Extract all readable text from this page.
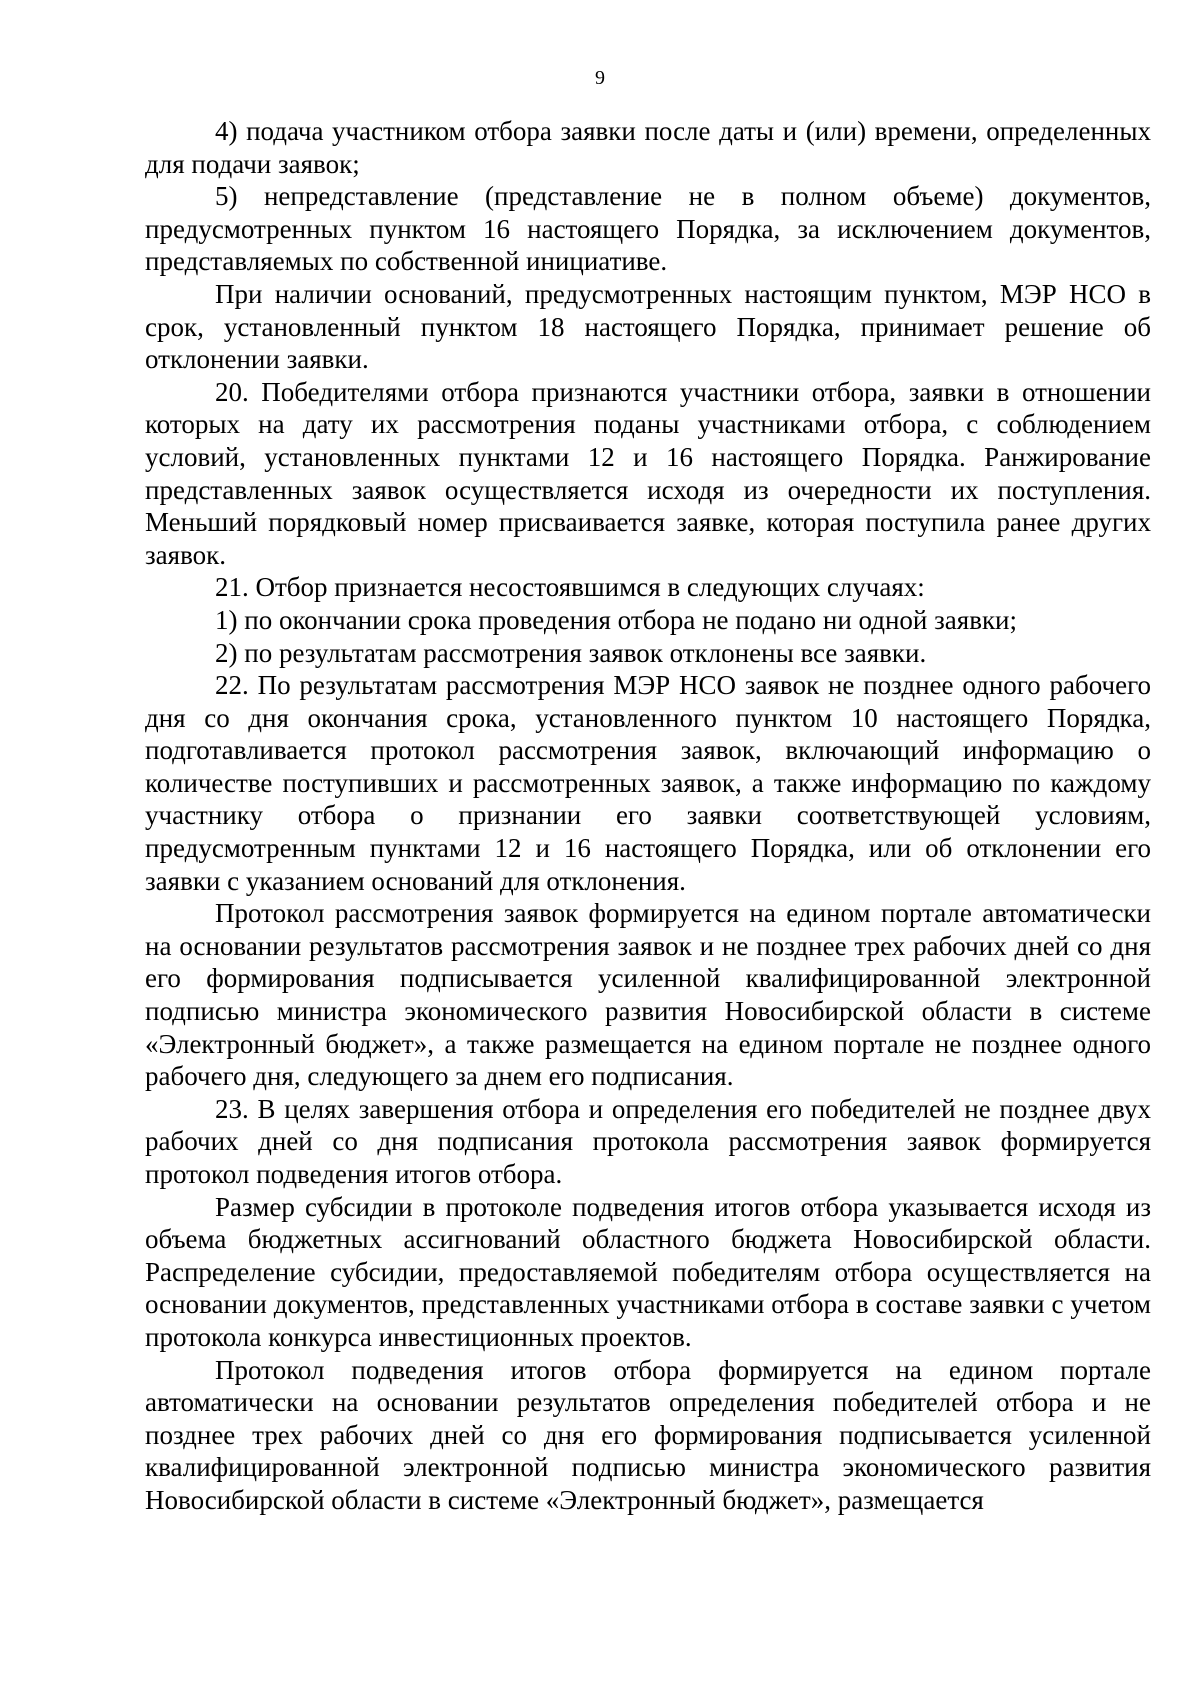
9

4) подача участником отбора заявки после даты и (или) времени, определенных для подачи заявок;

5) непредставление (представление не в полном объеме) документов, предусмотренных пунктом 16 настоящего Порядка, за исключением документов, представляемых по собственной инициативе.

При наличии оснований, предусмотренных настоящим пунктом, МЭР НСО в срок, установленный пунктом 18 настоящего Порядка, принимает решение об отклонении заявки.

20. Победителями отбора признаются участники отбора, заявки в отношении которых на дату их рассмотрения поданы участниками отбора, с соблюдением условий, установленных пунктами 12 и 16 настоящего Порядка. Ранжирование представленных заявок осуществляется исходя из очередности их поступления. Меньший порядковый номер присваивается заявке, которая поступила ранее других заявок.

21. Отбор признается несостоявшимся в следующих случаях:

1) по окончании срока проведения отбора не подано ни одной заявки;

2) по результатам рассмотрения заявок отклонены все заявки.

22. По результатам рассмотрения МЭР НСО заявок не позднее одного рабочего дня со дня окончания срока, установленного пунктом 10 настоящего Порядка, подготавливается протокол рассмотрения заявок, включающий информацию о количестве поступивших и рассмотренных заявок, а также информацию по каждому участнику отбора о признании его заявки соответствующей условиям, предусмотренным пунктами 12 и 16 настоящего Порядка, или об отклонении его заявки с указанием оснований для отклонения.

Протокол рассмотрения заявок формируется на едином портале автоматически на основании результатов рассмотрения заявок и не позднее трех рабочих дней со дня его формирования подписывается усиленной квалифицированной электронной подписью министра экономического развития Новосибирской области в системе «Электронный бюджет», а также размещается на едином портале не позднее одного рабочего дня, следующего за днем его подписания.

23. В целях завершения отбора и определения его победителей не позднее двух рабочих дней со дня подписания протокола рассмотрения заявок формируется протокол подведения итогов отбора.

Размер субсидии в протоколе подведения итогов отбора указывается исходя из объема бюджетных ассигнований областного бюджета Новосибирской области. Распределение субсидии, предоставляемой победителям отбора осуществляется на основании документов, представленных участниками отбора в составе заявки с учетом протокола конкурса инвестиционных проектов.

Протокол подведения итогов отбора формируется на едином портале автоматически на основании результатов определения победителей отбора и не позднее трех рабочих дней со дня его формирования подписывается усиленной квалифицированной электронной подписью министра экономического развития Новосибирской области в системе «Электронный бюджет», размещается
